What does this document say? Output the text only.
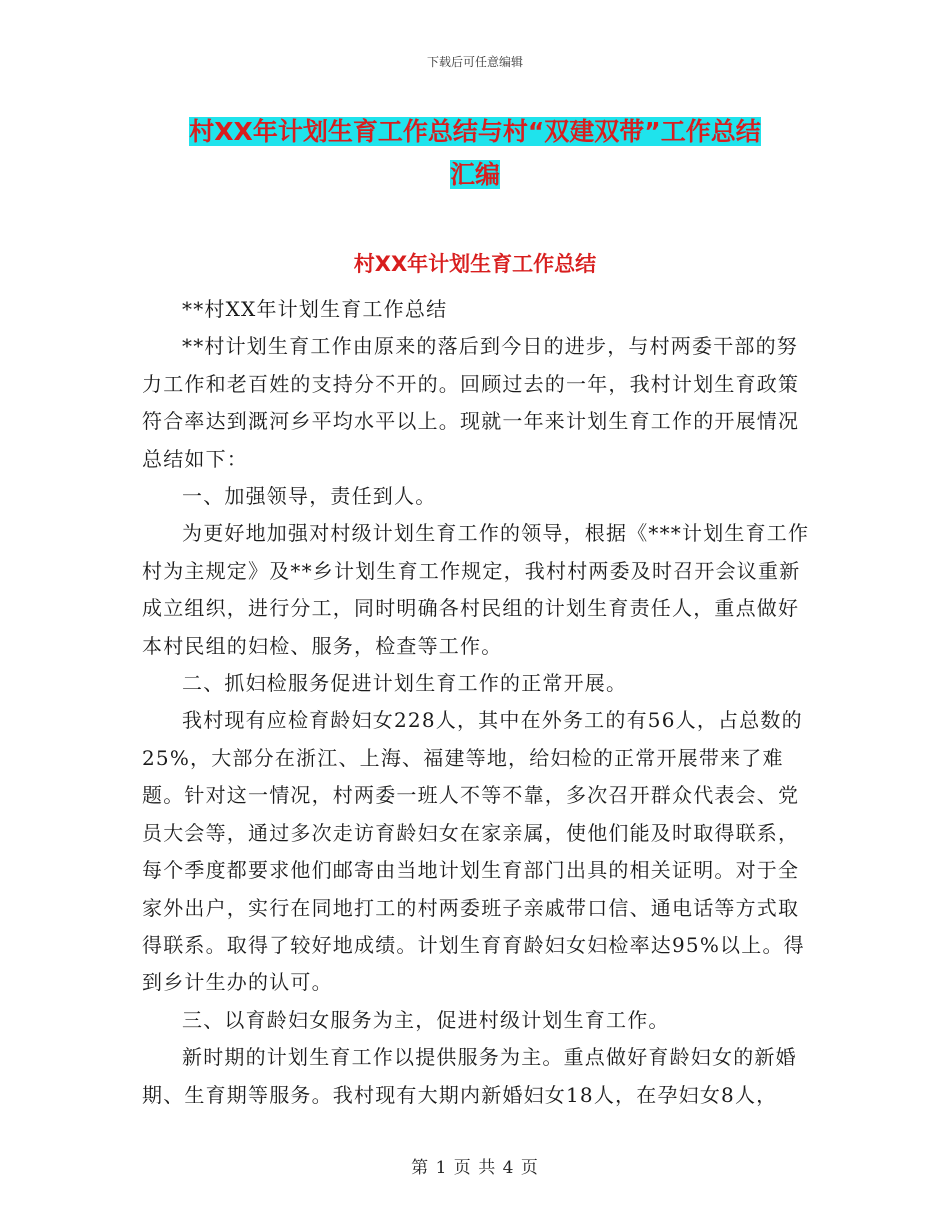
下载后可任意编辑
村XX年计划生育工作总结与村“双建双带”工作总结
汇编
村XX年计划生育工作总结

**村XX年计划生育工作总结

**村计划生育工作由原来的落后到今日的进步，与村两委干部的努力工作和老百姓的支持分不开的。回顾过去的一年，我村计划生育政策符合率达到溉河乡平均水平以上。现就一年来计划生育工作的开展情况总结如下：

一、加强领导，责任到人。

为更好地加强对村级计划生育工作的领导，根据《***计划生育工作村为主规定》及**乡计划生育工作规定，我村村两委及时召开会议重新成立组织，进行分工，同时明确各村民组的计划生育责任人，重点做好本村民组的妇检、服务，检查等工作。

二、抓妇检服务促进计划生育工作的正常开展。

我村现有应检育龄妇女228人，其中在外务工的有56人，占总数的25%，大部分在浙江、上海、福建等地，给妇检的正常开展带来了难题。针对这一情况，村两委一班人不等不靠，多次召开群众代表会、党员大会等，通过多次走访育龄妇女在家亲属，使他们能及时取得联系，每个季度都要求他们邮寄由当地计划生育部门出具的相关证明。对于全家外出户，实行在同地打工的村两委班子亲戚带口信、通电话等方式取得联系。取得了较好地成绩。计划生育育龄妇女妇检率达95%以上。得到乡计生办的认可。

三、以育龄妇女服务为主，促进村级计划生育工作。

新时期的计划生育工作以提供服务为主。重点做好育龄妇女的新婚期、生育期等服务。我村现有大期内新婚妇女18人，在孕妇女8人，

第 1 页 共 4 页
